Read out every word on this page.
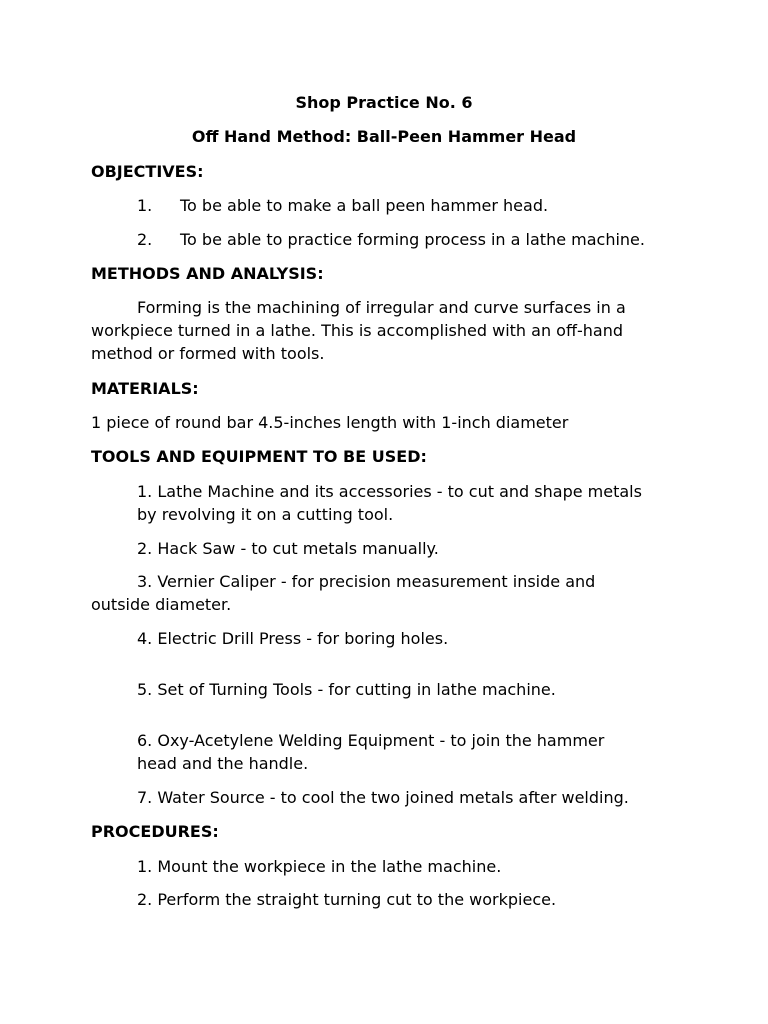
Shop Practice No. 6
Off Hand Method: Ball-Peen Hammer Head
OBJECTIVES:
1. To be able to make a ball peen hammer head.
2. To be able to practice forming process in a lathe machine.
METHODS AND ANALYSIS:
Forming is the machining of irregular and curve surfaces in a
workpiece turned in a lathe. This is accomplished with an off-hand
method or formed with tools.
MATERIALS:
1 piece of round bar 4.5-inches length with 1-inch diameter
TOOLS AND EQUIPMENT TO BE USED:
1. Lathe Machine and its accessories - to cut and shape metals
by revolving it on a cutting tool.
2. Hack Saw - to cut metals manually.
3. Vernier Caliper - for precision measurement inside and
outside diameter.
4. Electric Drill Press - for boring holes.
5. Set of Turning Tools - for cutting in lathe machine.
6. Oxy-Acetylene Welding Equipment - to join the hammer
head and the handle.
7. Water Source - to cool the two joined metals after welding.
PROCEDURES:
1. Mount the workpiece in the lathe machine.
2. Perform the straight turning cut to the workpiece.
